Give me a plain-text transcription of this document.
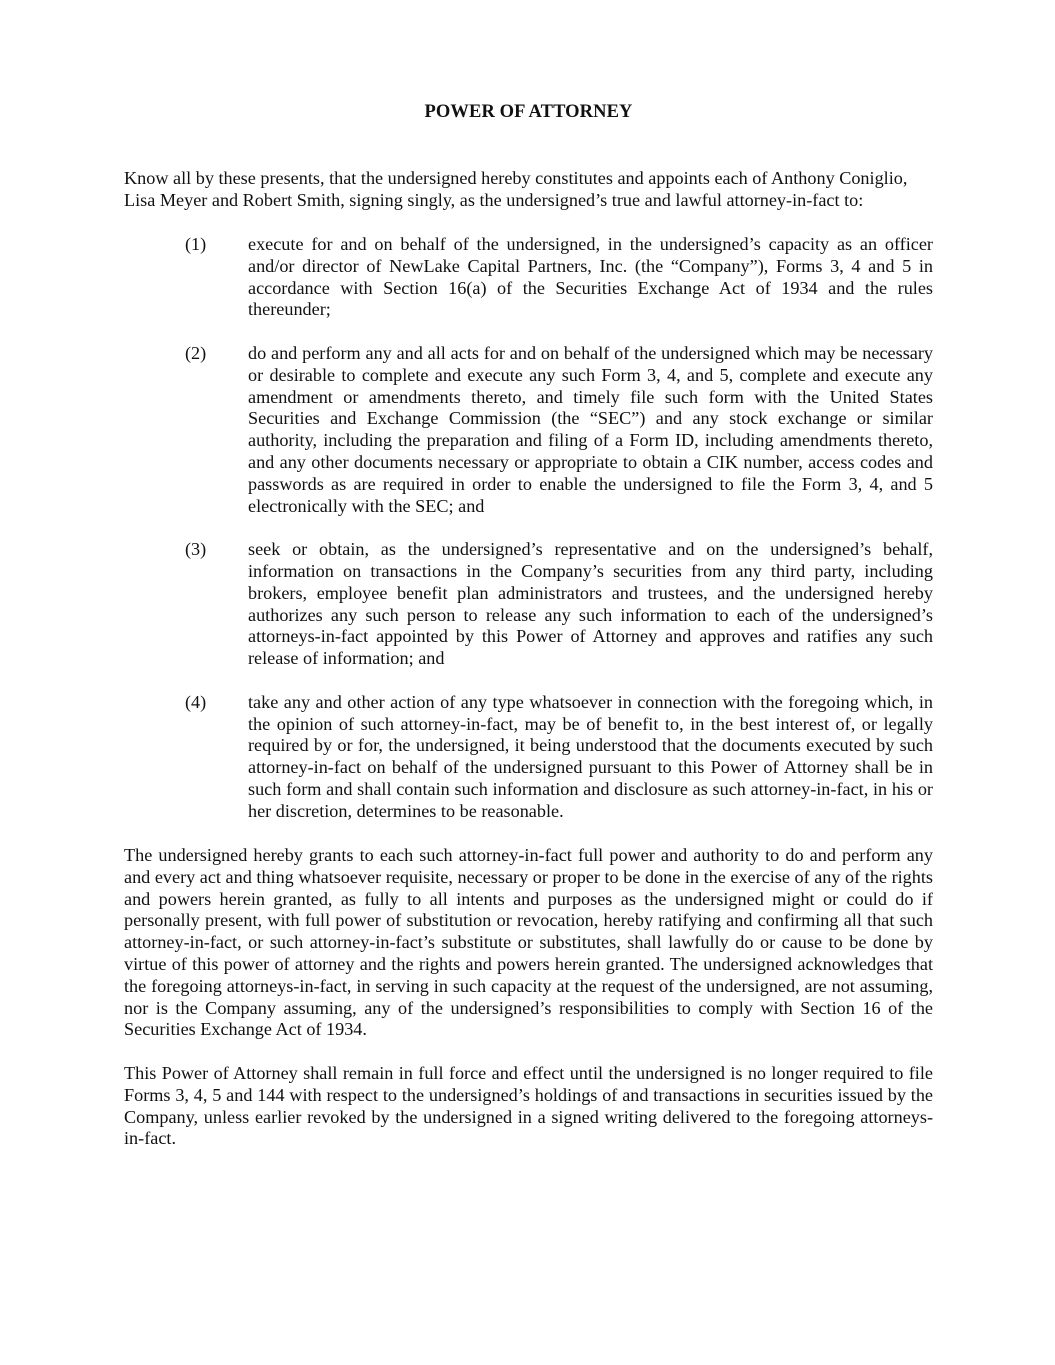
POWER OF ATTORNEY

Know all by these presents, that the undersigned hereby constitutes and appoints each of Anthony Coniglio, Lisa Meyer and Robert Smith, signing singly, as the undersigned’s true and lawful attorney-in-fact to:

(1)	execute for and on behalf of the undersigned, in the undersigned’s capacity as an officer and/or director of NewLake Capital Partners, Inc. (the “Company”), Forms 3, 4 and 5 in accordance with Section 16(a) of the Securities Exchange Act of 1934 and the rules thereunder;

(2)	do and perform any and all acts for and on behalf of the undersigned which may be necessary or desirable to complete and execute any such Form 3, 4, and 5, complete and execute any amendment or amendments thereto, and timely file such form with the United States Securities and Exchange Commission (the “SEC”) and any stock exchange or similar authority, including the preparation and filing of a Form ID, including amendments thereto, and any other documents necessary or appropriate to obtain a CIK number, access codes and passwords as are required in order to enable the undersigned to file the Form 3, 4, and 5 electronically with the SEC; and

(3)	seek or obtain, as the undersigned’s representative and on the undersigned’s behalf, information on transactions in the Company’s securities from any third party, including brokers, employee benefit plan administrators and trustees, and the undersigned hereby authorizes any such person to release any such information to each of the undersigned’s attorneys-in-fact appointed by this Power of Attorney and approves and ratifies any such release of information; and

(4)	take any and other action of any type whatsoever in connection with the foregoing which, in the opinion of such attorney-in-fact, may be of benefit to, in the best interest of, or legally required by or for, the undersigned, it being understood that the documents executed by such attorney-in-fact on behalf of the undersigned pursuant to this Power of Attorney shall be in such form and shall contain such information and disclosure as such attorney-in-fact, in his or her discretion, determines to be reasonable.

The undersigned hereby grants to each such attorney-in-fact full power and authority to do and perform any and every act and thing whatsoever requisite, necessary or proper to be done in the exercise of any of the rights and powers herein granted, as fully to all intents and purposes as the undersigned might or could do if personally present, with full power of substitution or revocation, hereby ratifying and confirming all that such attorney-in-fact, or such attorney-in-fact’s substitute or substitutes, shall lawfully do or cause to be done by virtue of this power of attorney and the rights and powers herein granted. The undersigned acknowledges that the foregoing attorneys-in-fact, in serving in such capacity at the request of the undersigned, are not assuming, nor is the Company assuming, any of the undersigned’s responsibilities to comply with Section 16 of the Securities Exchange Act of 1934.

This Power of Attorney shall remain in full force and effect until the undersigned is no longer required to file Forms 3, 4, 5 and 144 with respect to the undersigned’s holdings of and transactions in securities issued by the Company, unless earlier revoked by the undersigned in a signed writing delivered to the foregoing attorneys-in-fact.
